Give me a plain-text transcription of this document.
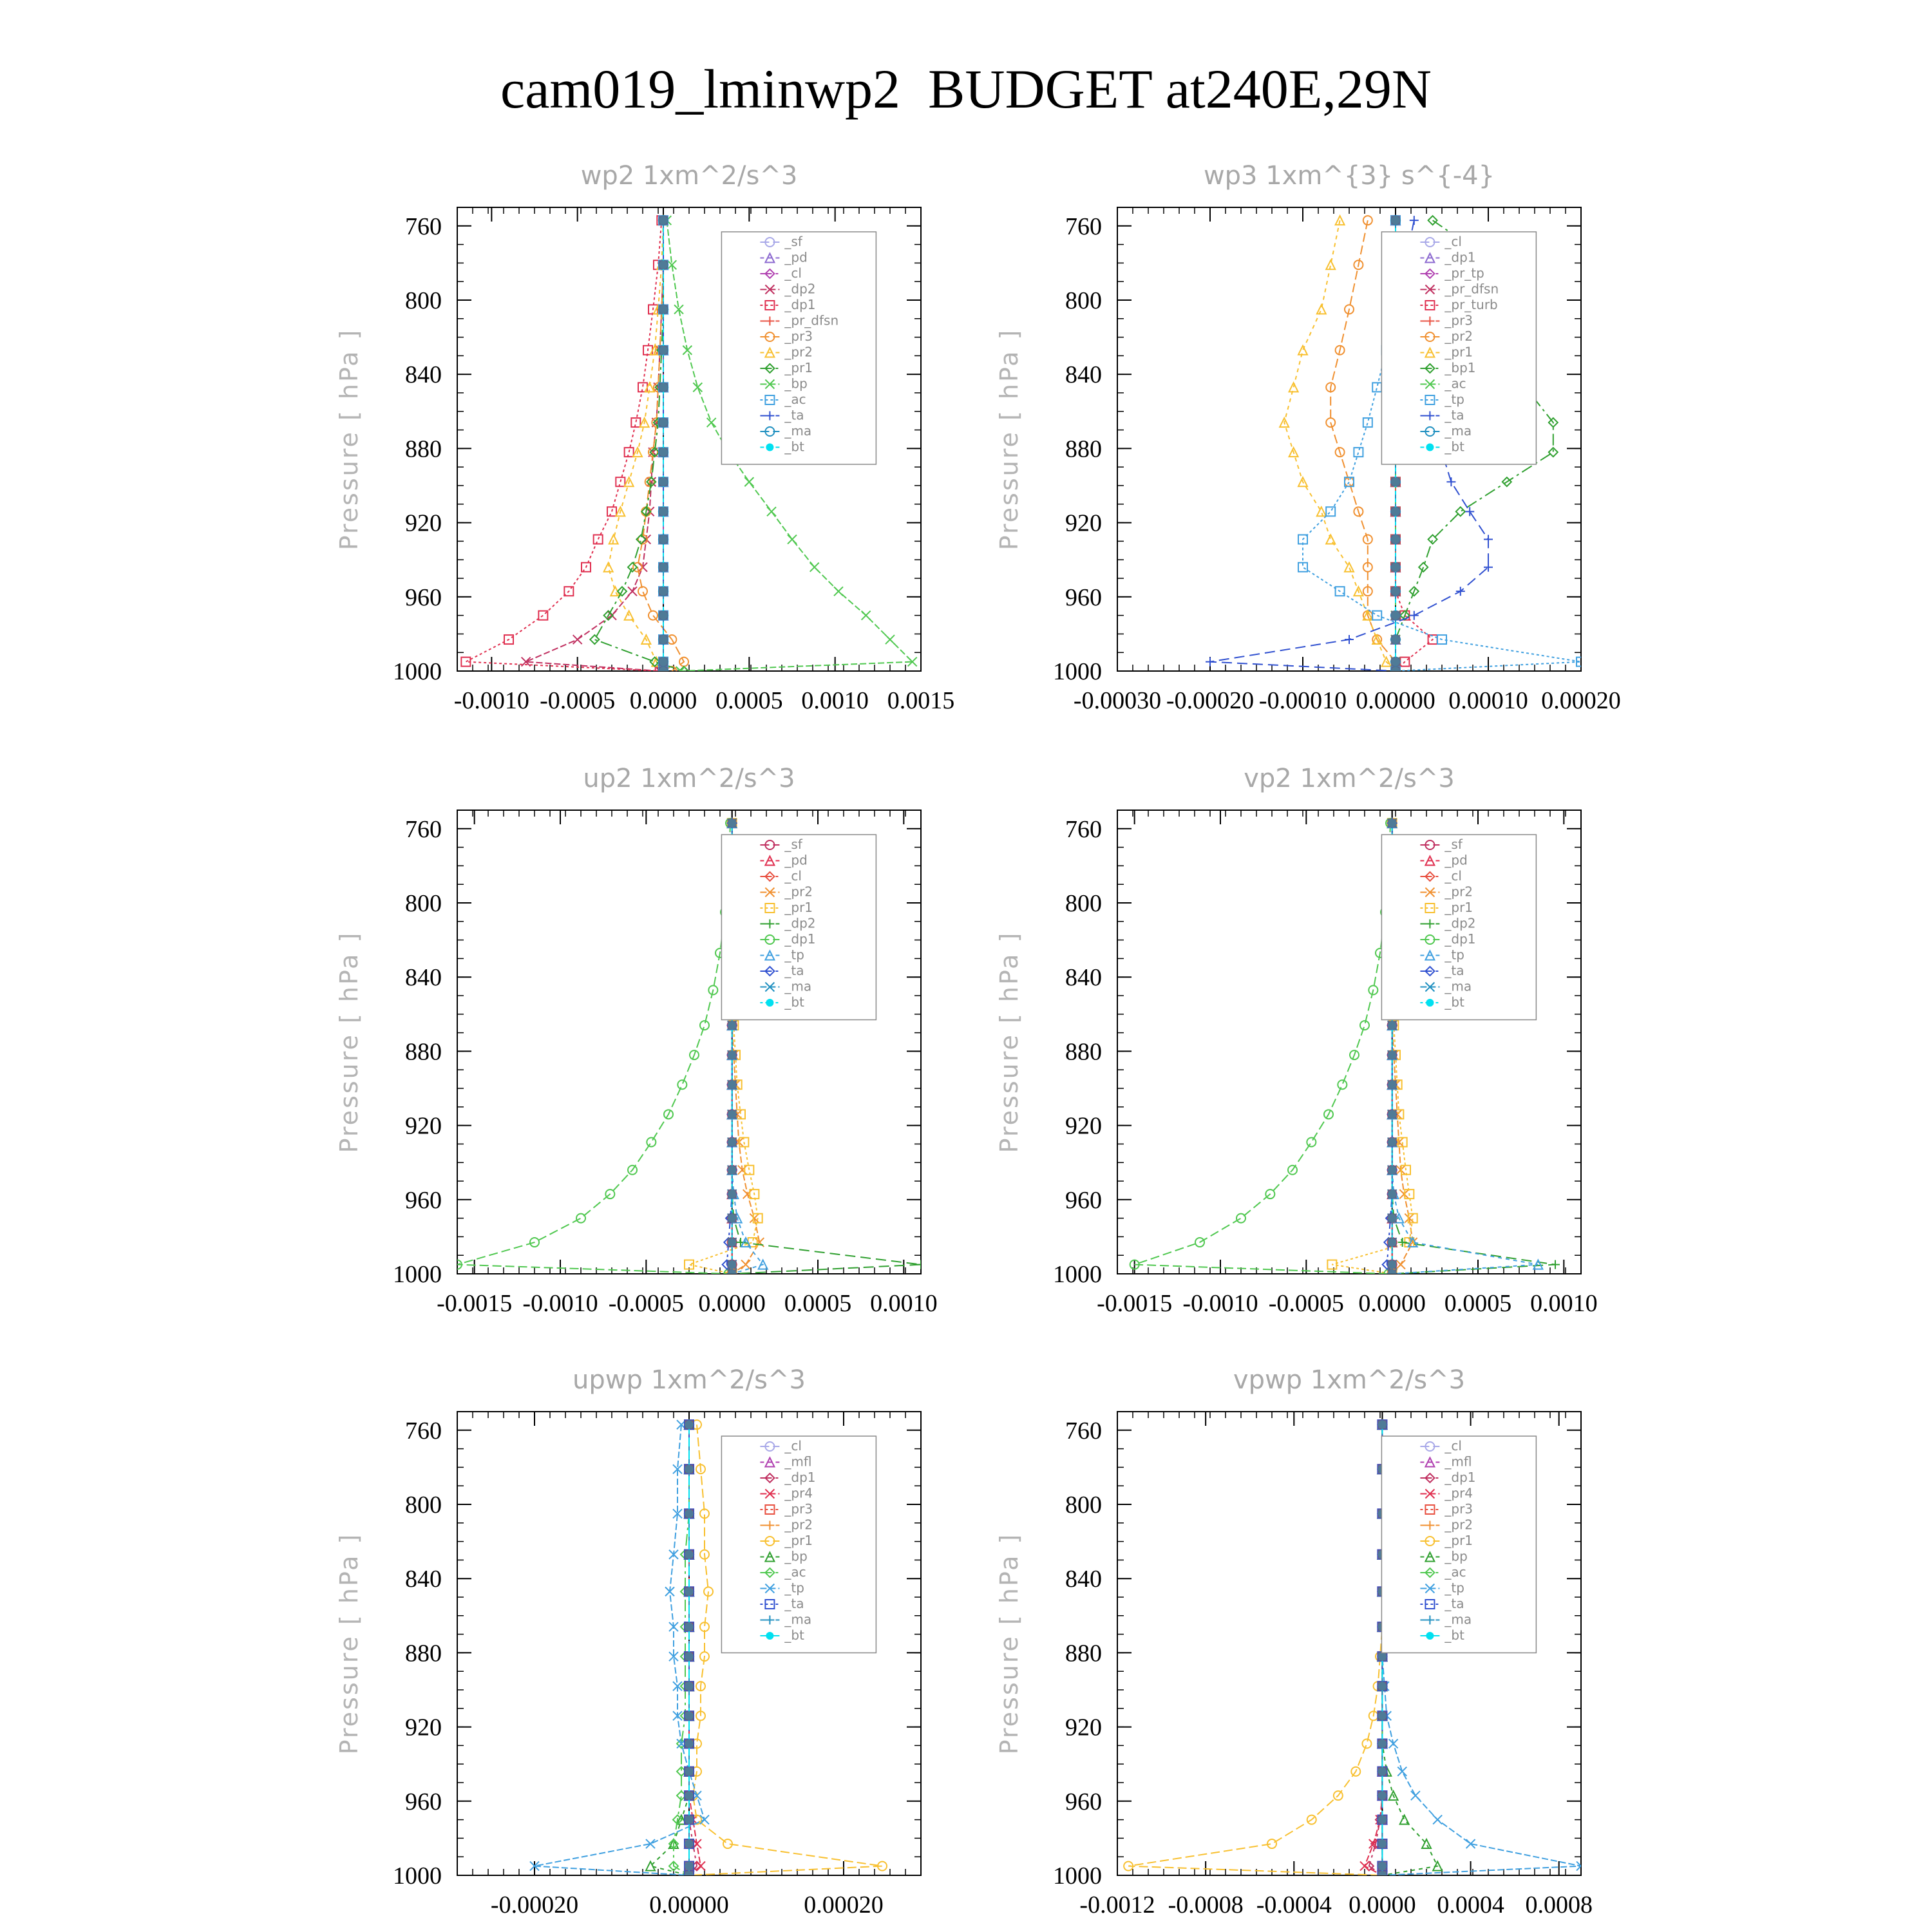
cam019_lminwp2  BUDGET at240E,29N
wp2 1xm^2/s^3
Pressure [ hPa ]
760
800
840
880
920
960
1000
-0.0010 -0.0005 0.0000 0.0005 0.0010 0.0015
_sf
_pd
_cl
_dp2
_dp1
_pr_dfsn
_pr3
_pr2
_pr1
_bp
_ac
_ta
_ma
_bt
wp3 1xm^{3} s^{-4}
Pressure [ hPa ]
760
800
840
880
920
960
1000
-0.00030 -0.00020 -0.00010 0.00000 0.00010 0.00020
_cl
_dp1
_pr_tp
_pr_dfsn
_pr_turb
_pr3
_pr2
_pr1
_bp1
_ac
_tp
_ta
_ma
_bt
up2 1xm^2/s^3
Pressure [ hPa ]
760
800
840
880
920
960
1000
-0.0015 -0.0010 -0.0005 0.0000 0.0005 0.0010
_sf
_pd
_cl
_pr2
_pr1
_dp2
_dp1
_tp
_ta
_ma
_bt
vp2 1xm^2/s^3
Pressure [ hPa ]
760
800
840
880
920
960
1000
-0.0015 -0.0010 -0.0005 0.0000 0.0005 0.0010
_sf
_pd
_cl
_pr2
_pr1
_dp2
_dp1
_tp
_ta
_ma
_bt
upwp 1xm^2/s^3
Pressure [ hPa ]
760
800
840
880
920
960
1000
-0.00020	0.00000	0.00020
_cl
_mfl
_dp1
_pr4
_pr3
_pr2
_pr1
_bp
_ac
_tp
_ta
_ma
_bt
vpwp 1xm^2/s^3
Pressure [ hPa ]
760
800
840
880
920
960
1000
-0.0012 -0.0008 -0.0004 0.0000 0.0004 0.0008
_cl
_mfl
_dp1
_pr4
_pr3
_pr2
_pr1
_bp
_ac
_tp
_ta
_ma
_bt
